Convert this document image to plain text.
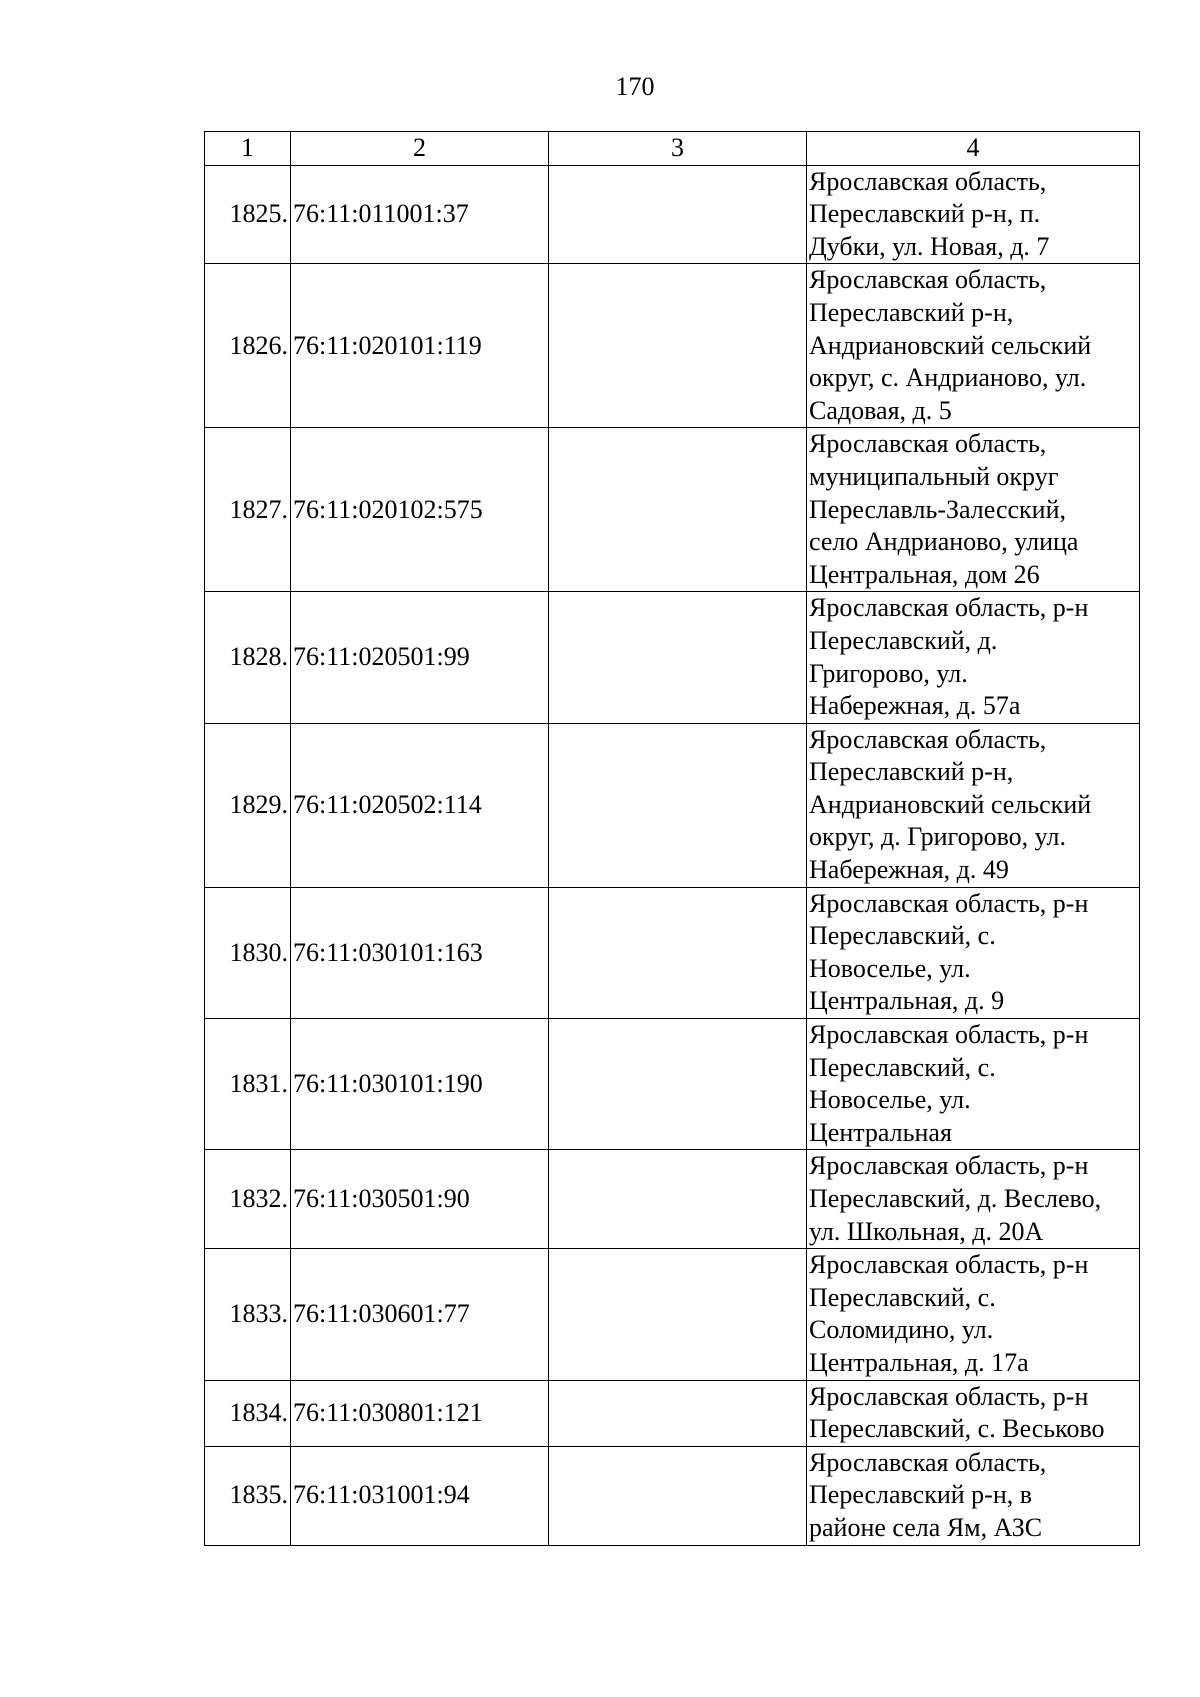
170
1	2	3	4
1825.	76:11:011001:37		Ярославская область,
Переславский р-н, п.
Дубки, ул. Новая, д. 7
1826.	76:11:020101:119		Ярославская область,
Переславский р-н,
Андриановский сельский
округ, с. Андрианово, ул.
Садовая, д. 5
1827.	76:11:020102:575		Ярославская область,
муниципальный округ
Переславль-Залесский,
село Андрианово, улица
Центральная, дом 26
1828.	76:11:020501:99		Ярославская область, р-н
Переславский, д.
Григорово, ул.
Набережная, д. 57а
1829.	76:11:020502:114		Ярославская область,
Переславский р-н,
Андриановский сельский
округ, д. Григорово, ул.
Набережная, д. 49
1830.	76:11:030101:163		Ярославская область, р-н
Переславский, с.
Новоселье, ул.
Центральная, д. 9
1831.	76:11:030101:190		Ярославская область, р-н
Переславский, с.
Новоселье, ул.
Центральная
1832.	76:11:030501:90		Ярославская область, р-н
Переславский, д. Веслево,
ул. Школьная, д. 20А
1833.	76:11:030601:77		Ярославская область, р-н
Переславский, с.
Соломидино, ул.
Центральная, д. 17а
1834.	76:11:030801:121		Ярославская область, р-н
Переславский, с. Веськово
1835.	76:11:031001:94		Ярославская область,
Переславский р-н, в
районе села Ям, АЗС
